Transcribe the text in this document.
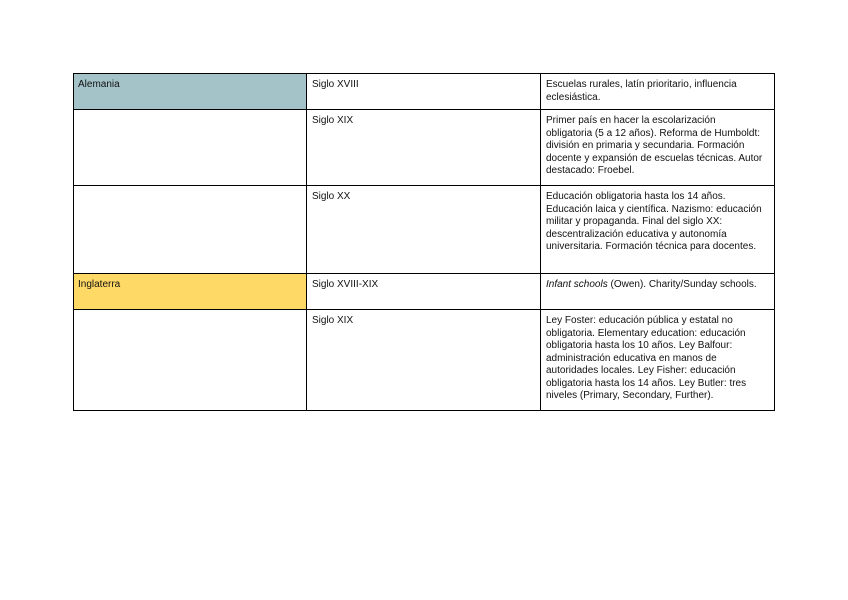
Alemania	Siglo XVIII	Escuelas rurales, latín prioritario, influencia eclesiástica.
	Siglo XIX	Primer país en hacer la escolarización obligatoria (5 a 12 años). Reforma de Humboldt: división en primaria y secundaria. Formación docente y expansión de escuelas técnicas. Autor destacado: Froebel.
	Siglo XX	Educación obligatoria hasta los 14 años. Educación laica y científica. Nazismo: educación militar y propaganda. Final del siglo XX: descentralización educativa y autonomía universitaria. Formación técnica para docentes.
Inglaterra	Siglo XVIII-XIX	Infant schools (Owen). Charity/Sunday schools.
	Siglo XIX	Ley Foster: educación pública y estatal no obligatoria. Elementary education: educación obligatoria hasta los 10 años. Ley Balfour: administración educativa en manos de autoridades locales. Ley Fisher: educación obligatoria hasta los 14 años. Ley Butler: tres niveles (Primary, Secondary, Further).
